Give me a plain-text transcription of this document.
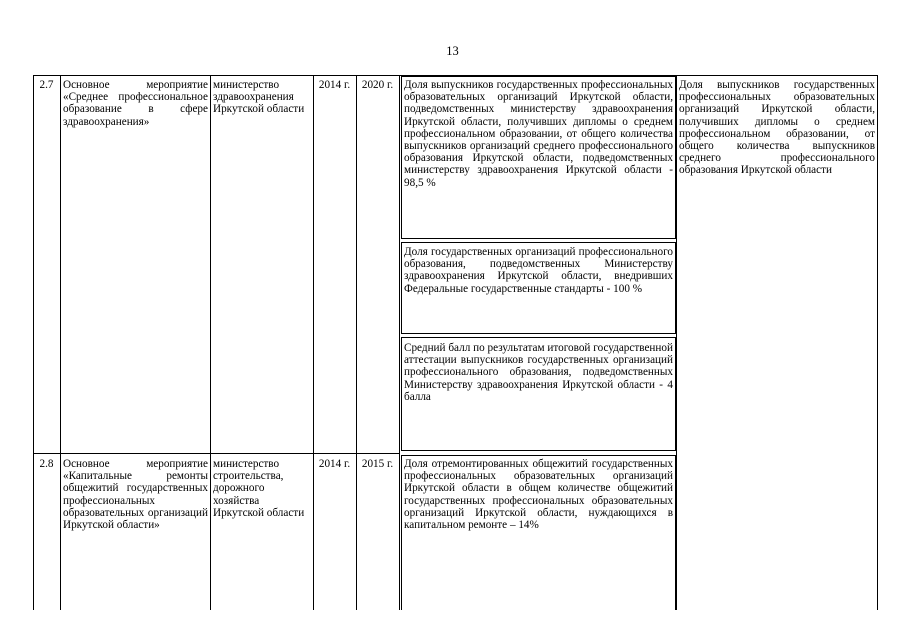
13
2.7 Основное мероприятие «Среднее профессиональное образование в сфере здравоохранения»
министерство здравоохранения Иркутской области
2014 г.	2020 г. Доля выпускников государственных профессиональных образовательных организаций Иркутской области, подведомственных министерству здравоохранения Иркутской области, получивших дипломы о среднем профессиональном образовании, от общего количества выпускников организаций среднего профессионального образования Иркутской области, подведомственных министерству здравоохранения Иркутской области - 98,5 %
Доля государственных организаций профессионального образования, подведомственных Министерству здравоохранения Иркутской области, внедривших Федеральные государственные стандарты - 100 %
Средний балл по результатам итоговой государственной аттестации выпускников государственных организаций профессионального образования, подведомственных Министерству здравоохранения Иркутской области - 4 балла
Доля выпускников государственных профессиональных образовательных организаций Иркутской области, получивших дипломы о среднем профессиональном образовании, от общего количества выпускников среднего профессионального образования Иркутской области
2.8 Основное мероприятие «Капитальные ремонты общежитий государственных профессиональных образовательных организаций Иркутской области»
министерство строительства, дорожного хозяйства Иркутской области
2014 г.	2015 г. Доля отремонтированных общежитий государственных профессиональных образовательных организаций Иркутской области в общем количестве общежитий государственных профессиональных образовательных организаций Иркутской области, нуждающихся в капитальном ремонте – 14%
